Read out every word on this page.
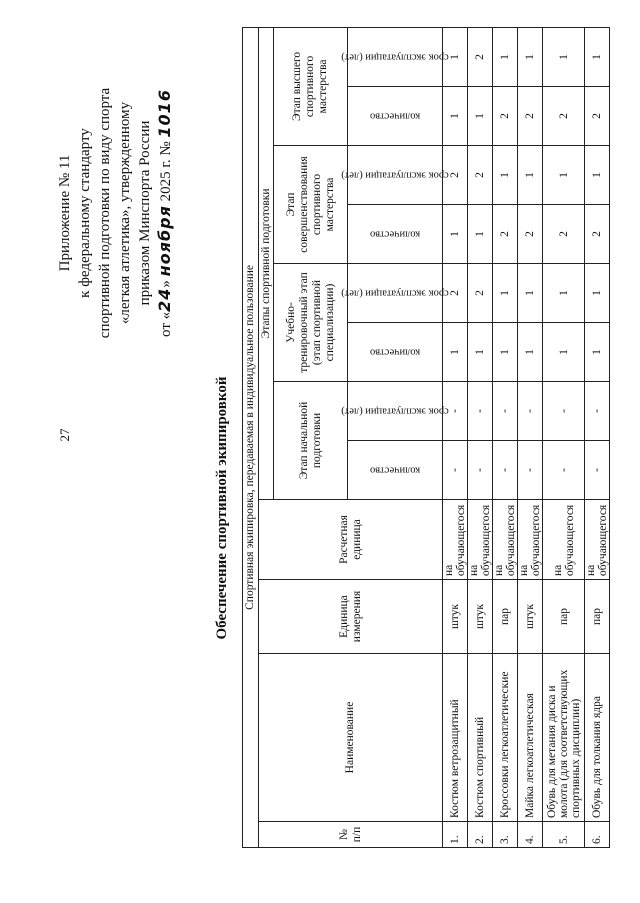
27
Приложение № 11 к федеральному стандарту спортивной подготовки по виду спорта «легкая атлетика», утвержденному приказом Минспорта России
от «24» ноября 2025 г. № 1016
Обеспечение спортивной экипировкой Спортивная экипировка, передаваемая в индивидуальное пользование											
№ п/п	Наименование	Единица измерения	Расчетная единица	Этапы спортивной подготовки							
				Этап начальной подготовки		Учебно-тренировочный этап (этап спортивной специализации)		Этап совершенствования спортивного мастерства		Этап высшего спортивного мастерства	

				количество	срок эксплуатации (лет)	количество	срок эксплуатации (лет)	количество	срок эксплуатации (лет)	количество	срок эксплуатации (лет)

1.	Костюм ветрозащитный	штук	на обучающегося	-	-	1	2	1	2	1	1
2.	Костюм спортивный	штук	на обучающегося	-	-	1	2	1	2	1	2
3.	Кроссовки легкоатлетические	пар	на обучающегося	-	-	1	1	2	1	2	1
4.	Майка легкоатлетическая	штук	на обучающегося	-	-	1	1	2	1	2	1
5.	Обувь для метания диска и молота (для соответствующих спортивных дисциплин)	пар	на обучающегося	-	-	1	1	2	1	2	1
6.	Обувь для толкания ядра	пар	на обучающегося	-	-	1	1	2	1	2	1
